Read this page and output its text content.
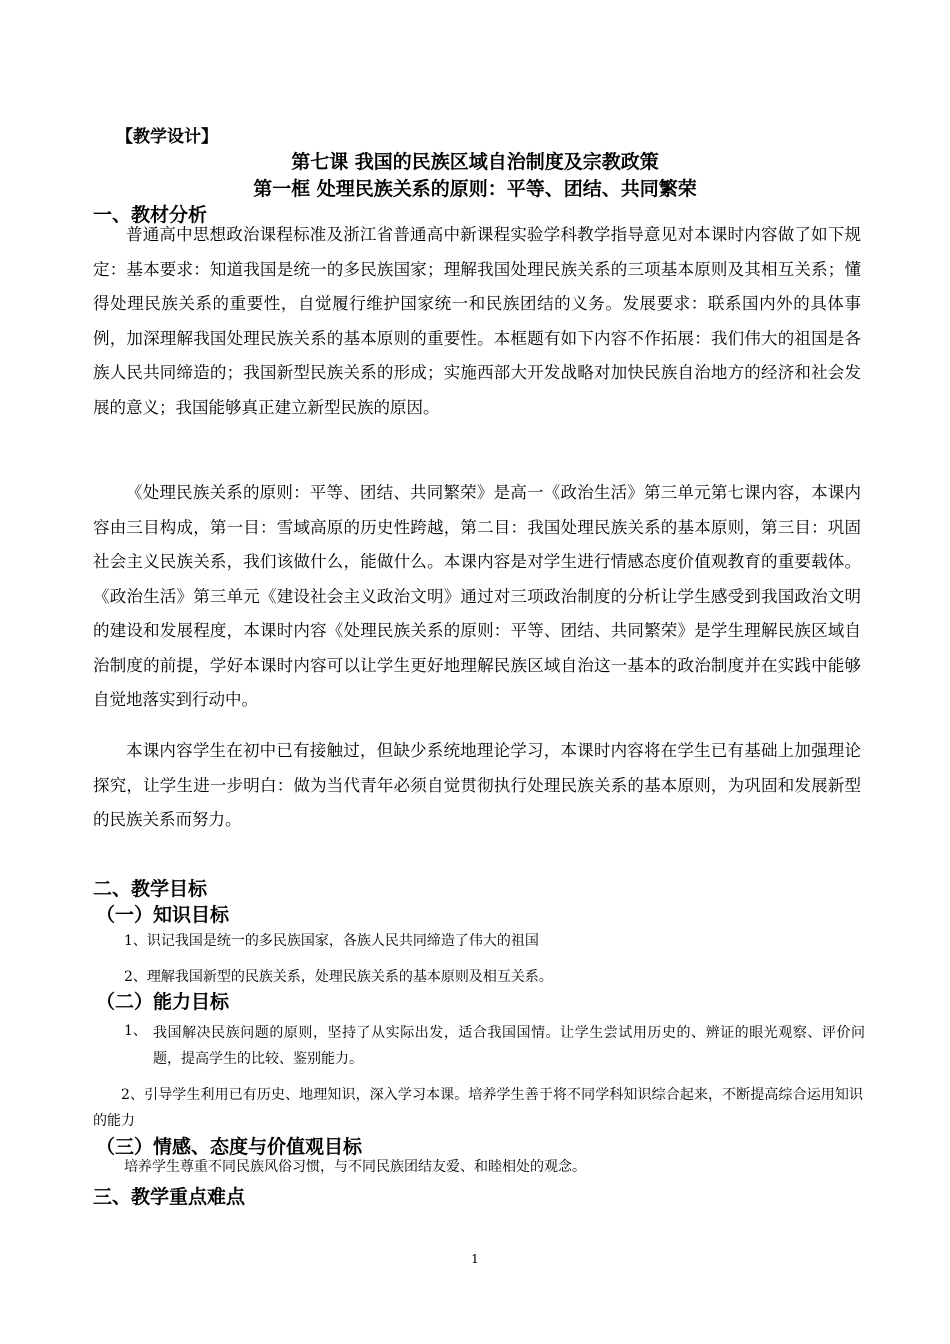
【教学设计】
第七课 我国的民族区域自治制度及宗教政策
第一框 处理民族关系的原则：平等、团结、共同繁荣
一、教材分析

普通高中思想政治课程标准及浙江省普通高中新课程实验学科教学指导意见对本课时内容做了如下规定：基本要求：知道我国是统一的多民族国家；理解我国处理民族关系的三项基本原则及其相互关系；懂得处理民族关系的重要性，自觉履行维护国家统一和民族团结的义务。发展要求：联系国内外的具体事例，加深理解我国处理民族关系的基本原则的重要性。本框题有如下内容不作拓展：我们伟大的祖国是各族人民共同缔造的；我国新型民族关系的形成；实施西部大开发战略对加快民族自治地方的经济和社会发展的意义；我国能够真正建立新型民族的原因。

《处理民族关系的原则：平等、团结、共同繁荣》是高一《政治生活》第三单元第七课内容，本课内容由三目构成，第一目：雪域高原的历史性跨越，第二目：我国处理民族关系的基本原则，第三目：巩固社会主义民族关系，我们该做什么，能做什么。本课内容是对学生进行情感态度价值观教育的重要载体。《政治生活》第三单元《建设社会主义政治文明》通过对三项政治制度的分析让学生感受到我国政治文明的建设和发展程度，本课时内容《处理民族关系的原则：平等、团结、共同繁荣》是学生理解民族区域自治制度的前提，学好本课时内容可以让学生更好地理解民族区域自治这一基本的政治制度并在实践中能够自觉地落实到行动中。

本课内容学生在初中已有接触过，但缺少系统地理论学习，本课时内容将在学生已有基础上加强理论探究，让学生进一步明白：做为当代青年必须自觉贯彻执行处理民族关系的基本原则，为巩固和发展新型的民族关系而努力。

二、教学目标
（一）知识目标

1、识记我国是统一的多民族国家，各族人民共同缔造了伟大的祖国

2、理解我国新型的民族关系，处理民族关系的基本原则及相互关系。

（二）能力目标
1、 我国解决民族问题的原则，坚持了从实际出发，适合我国国情。让学生尝试用历史的、辨证的眼光观察、评价问题，提高学生的比较、鉴别能力。

2、引导学生利用已有历史、地理知识，深入学习本课。培养学生善于将不同学科知识综合起来，不断提高综合运用知识的能力

（三）情感、态度与价值观目标

培养学生尊重不同民族风俗习惯，与不同民族团结友爱、和睦相处的观念。

三、教学重点难点
1
